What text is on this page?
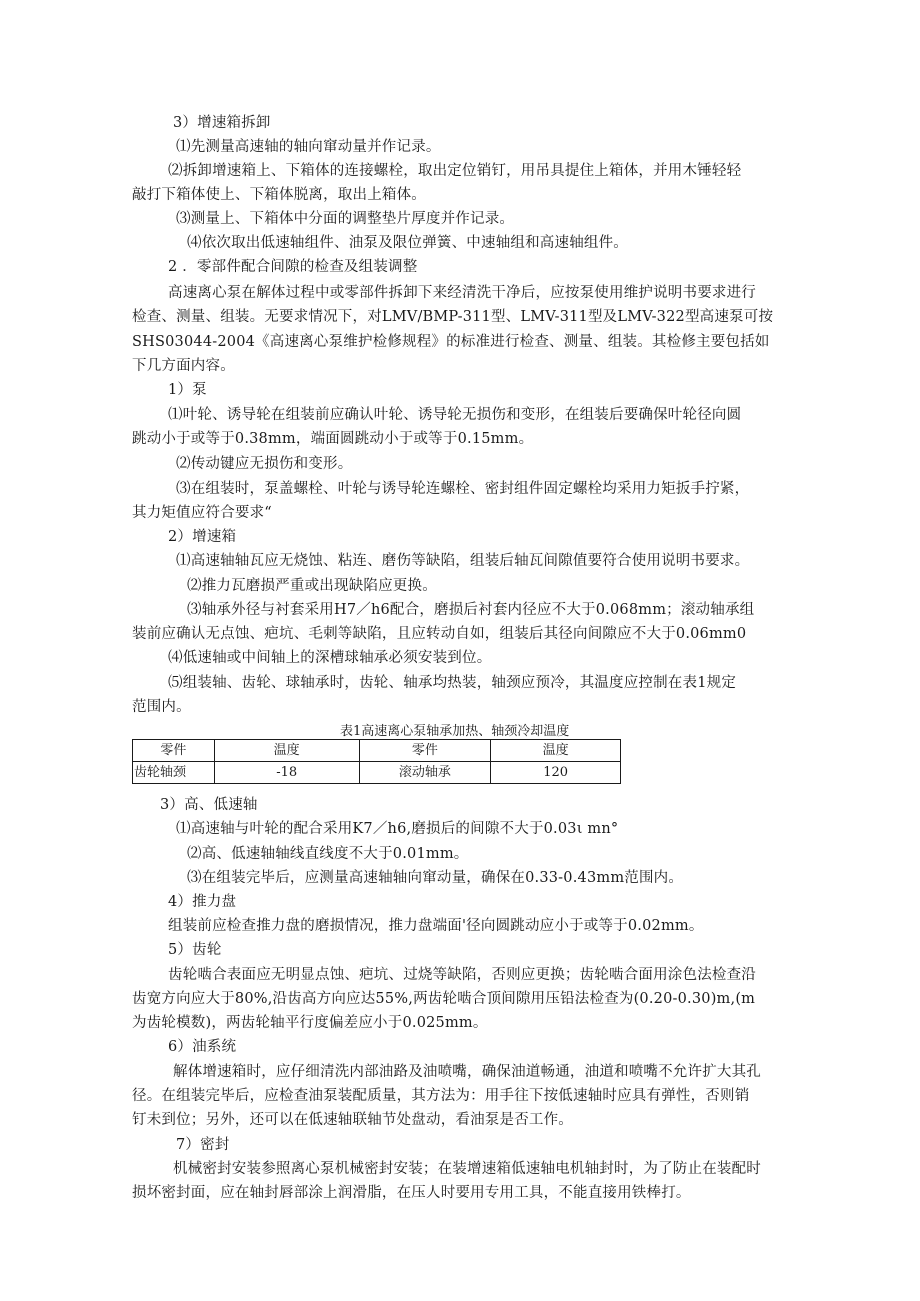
3）增速箱拆卸
⑴先测量高速轴的轴向窜动量并作记录。
⑵拆卸增速箱上、下箱体的连接螺栓，取出定位销钉，用吊具提住上箱体，并用木锤轻轻
敲打下箱体使上、下箱体脱离，取出上箱体。
⑶测量上、下箱体中分面的调整垫片厚度并作记录。
⑷依次取出低速轴组件、油泵及限位弹簧、中速轴组和高速轴组件。
2 ．零部件配合间隙的检查及组装调整
高速离心泵在解体过程中或零部件拆卸下来经清洗干净后，应按泵使用维护说明书要求进行
检查、测量、组装。无要求情况下，对LMV/BMP-311型、LMV-311型及LMV-322型高速泵可按
SHS03044-2004《高速离心泵维护检修规程》的标准进行检查、测量、组装。其检修主要包括如
下几方面内容。
1）泵
⑴叶轮、诱导轮在组装前应确认叶轮、诱导轮无损伤和变形，在组装后要确保叶轮径向圆
跳动小于或等于0.38mm，端面圆跳动小于或等于0.15mm。
⑵传动键应无损伤和变形。
⑶在组装时，泵盖螺栓、叶轮与诱导轮连螺栓、密封组件固定螺栓均采用力矩扳手拧紧，
其力矩值应符合要求“
2）增速箱
⑴高速轴轴瓦应无烧蚀、粘连、磨伤等缺陷，组装后轴瓦间隙值要符合使用说明书要求。
⑵推力瓦磨损严重或出现缺陷应更换。
⑶轴承外径与衬套采用H7／h6配合，磨损后衬套内径应不大于0.068mm；滚动轴承组
装前应确认无点蚀、疤坑、毛刺等缺陷，且应转动自如，组装后其径向间隙应不大于0.06mm0
⑷低速轴或中间轴上的深槽球轴承必须安装到位。
⑸组装轴、齿轮、球轴承时，齿轮、轴承均热装，轴颈应预冷，其温度应控制在表1规定
范围内。
表1高速离心泵轴承加热、轴颈冷却温度
零件	温度	零件	温度
齿轮轴颈	-18	滚动轴承	120
3）高、低速轴
⑴高速轴与叶轮的配合采用K7／h6,磨损后的间隙不大于0.03ι mn°
⑵高、低速轴轴线直线度不大于0.01mm。
⑶在组装完毕后，应测量高速轴轴向窜动量，确保在0.33-0.43mm范围内。
4）推力盘
组装前应检查推力盘的磨损情况，推力盘端面'径向圆跳动应小于或等于0.02mm。
5）齿轮
齿轮啮合表面应无明显点蚀、疤坑、过烧等缺陷，否则应更换；齿轮啮合面用涂色法检查沿
齿宽方向应大于80%,沿齿高方向应达55%,两齿轮啮合顶间隙用压铅法检查为(0.20-0.30)m,(m
为齿轮模数)，两齿轮轴平行度偏差应小于0.025mm。
6）油系统
解体增速箱时，应仔细清洗内部油路及油喷嘴，确保油道畅通，油道和喷嘴不允许扩大其孔
径。在组装完毕后，应检查油泵装配质量，其方法为：用手往下按低速轴时应具有弹性，否则销
钉未到位；另外，还可以在低速轴联轴节处盘动，看油泵是否工作。
7）密封
机械密封安装参照离心泵机械密封安装；在装增速箱低速轴电机轴封时，为了防止在装配时
损坏密封面，应在轴封唇部涂上润滑脂，在压人时要用专用工具，不能直接用铁棒打。
